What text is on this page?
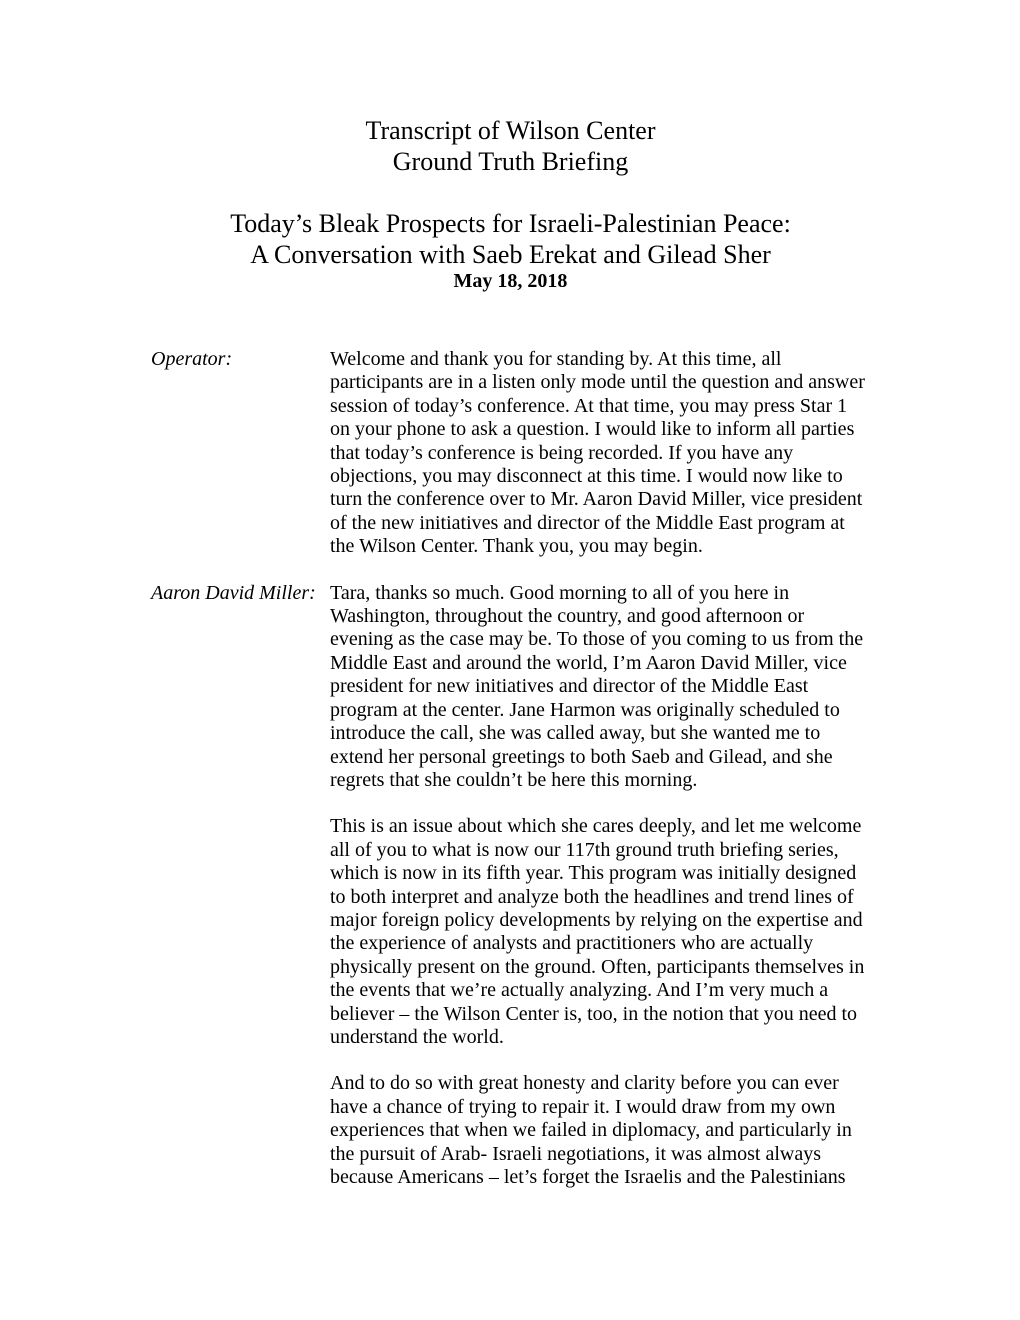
Transcript of Wilson Center
Ground Truth Briefing
Today’s Bleak Prospects for Israeli-Palestinian Peace:
A Conversation with Saeb Erekat and Gilead Sher
May 18, 2018
Operator:	Welcome and thank you for standing by. At this time, all participants are in a listen only mode until the question and answer session of today’s conference. At that time, you may press Star 1 on your phone to ask a question. I would like to inform all parties that today’s conference is being recorded. If you have any objections, you may disconnect at this time. I would now like to turn the conference over to Mr. Aaron David Miller, vice president of the new initiatives and director of the Middle East program at the Wilson Center. Thank you, you may begin.

Aaron David Miller: Tara, thanks so much. Good morning to all of you here in Washington, throughout the country, and good afternoon or evening as the case may be. To those of you coming to us from the Middle East and around the world, I’m Aaron David Miller, vice president for new initiatives and director of the Middle East program at the center. Jane Harmon was originally scheduled to introduce the call, she was called away, but she wanted me to extend her personal greetings to both Saeb and Gilead, and she regrets that she couldn’t be here this morning.

This is an issue about which she cares deeply, and let me welcome all of you to what is now our 117th ground truth briefing series, which is now in its fifth year. This program was initially designed to both interpret and analyze both the headlines and trend lines of major foreign policy developments by relying on the expertise and the experience of analysts and practitioners who are actually physically present on the ground. Often, participants themselves in the events that we’re actually analyzing. And I’m very much a believer – the Wilson Center is, too, in the notion that you need to understand the world.

And to do so with great honesty and clarity before you can ever have a chance of trying to repair it. I would draw from my own experiences that when we failed in diplomacy, and particularly in the pursuit of Arab- Israeli negotiations, it was almost always because Americans – let’s forget the Israelis and the Palestinians
